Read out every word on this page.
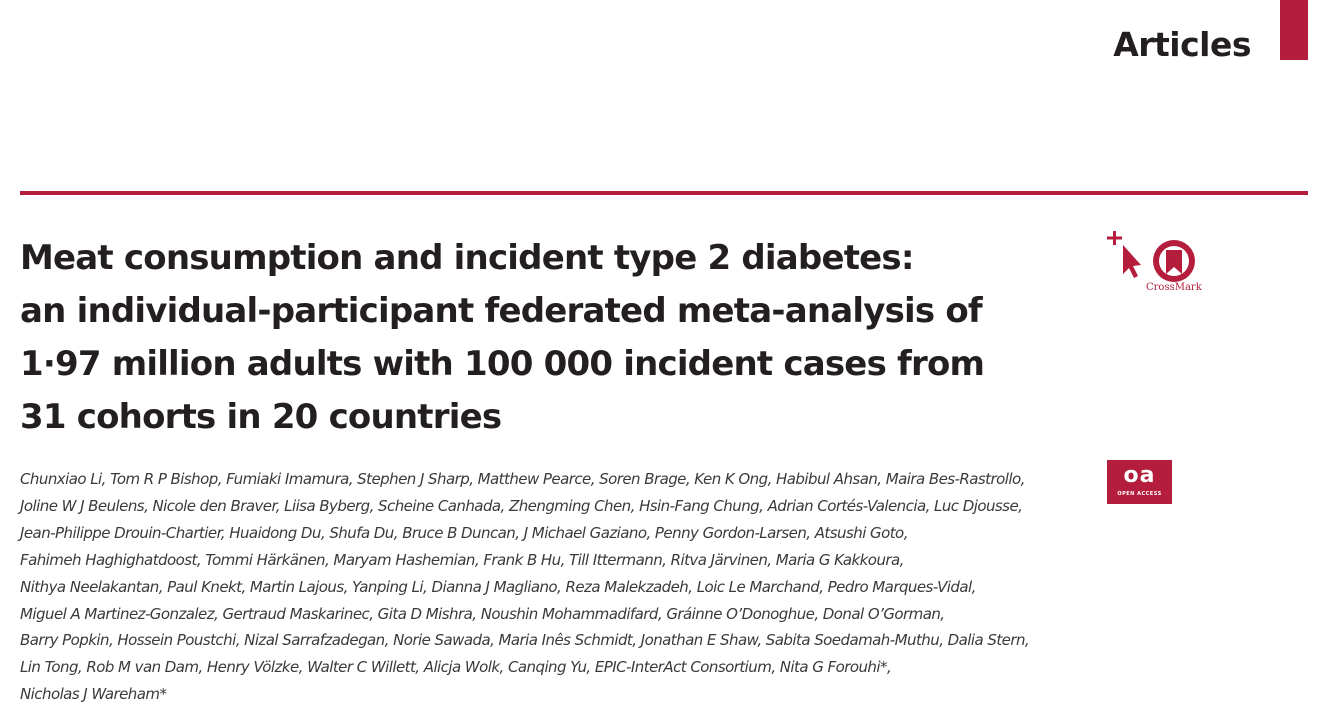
Articles
Meat consumption and incident type 2 diabetes:
an individual-participant federated meta-analysis of
1·97 million adults with 100 000 incident cases from
31 cohorts in 20 countries

CrossMark

oa
OPEN ACCESS

Chunxiao Li, Tom R P Bishop, Fumiaki Imamura, Stephen J Sharp, Matthew Pearce, Soren Brage, Ken K Ong, Habibul Ahsan, Maira Bes-Rastrollo,
Joline W J Beulens, Nicole den Braver, Liisa Byberg, Scheine Canhada, Zhengming Chen, Hsin-Fang Chung, Adrian Cortés-Valencia, Luc Djousse,
Jean-Philippe Drouin-Chartier, Huaidong Du, Shufa Du, Bruce B Duncan, J Michael Gaziano, Penny Gordon-Larsen, Atsushi Goto,
Fahimeh Haghighatdoost, Tommi Härkänen, Maryam Hashemian, Frank B Hu, Till Ittermann, Ritva Järvinen, Maria G Kakkoura,
Nithya Neelakantan, Paul Knekt, Martin Lajous, Yanping Li, Dianna J Magliano, Reza Malekzadeh, Loic Le Marchand, Pedro Marques-Vidal,
Miguel A Martinez-Gonzalez, Gertraud Maskarinec, Gita D Mishra, Noushin Mohammadifard, Gráinne O’Donoghue, Donal O’Gorman,
Barry Popkin, Hossein Poustchi, Nizal Sarrafzadegan, Norie Sawada, Maria Inês Schmidt, Jonathan E Shaw, Sabita Soedamah-Muthu, Dalia Stern,
Lin Tong, Rob M van Dam, Henry Völzke, Walter C Willett, Alicja Wolk, Canqing Yu, EPIC-InterAct Consortium, Nita G Forouhi*,
Nicholas J Wareham*
